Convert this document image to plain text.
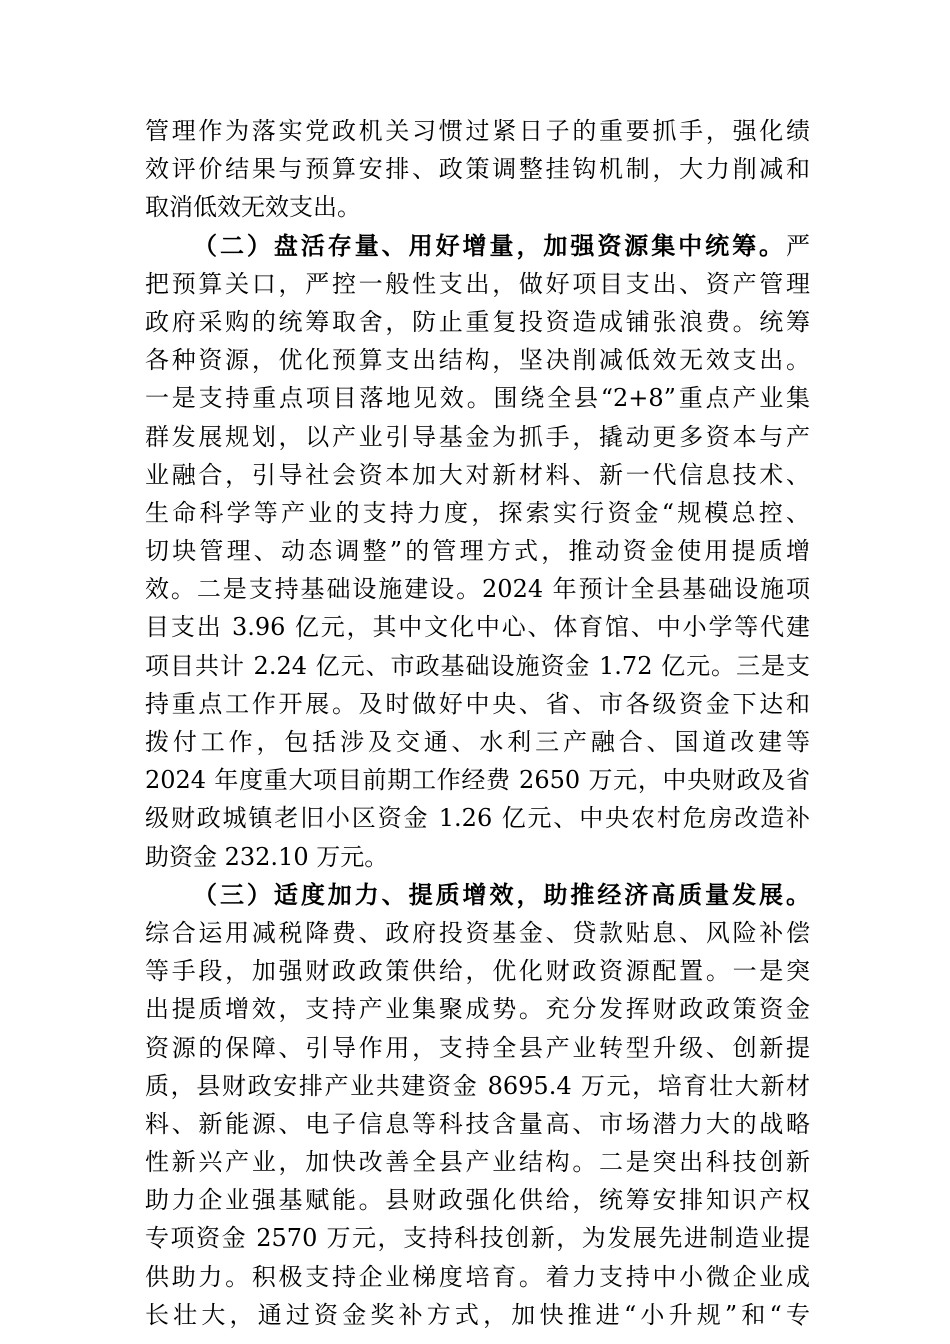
管理作为落实党政机关习惯过紧日子的重要抓手，强化绩
效评价结果与预算安排、政策调整挂钩机制，大力削减和
取消低效无效支出。
（二）盘活存量、用好增量，加强资源集中统筹。严
把预算关口，严控一般性支出，做好项目支出、资产管理
政府采购的统筹取舍，防止重复投资造成铺张浪费。统筹
各种资源，优化预算支出结构，坚决削减低效无效支出。
一是支持重点项目落地见效。围绕全县“2+8”重点产业集
群发展规划，以产业引导基金为抓手，撬动更多资本与产
业融合，引导社会资本加大对新材料、新一代信息技术、
生命科学等产业的支持力度，探索实行资金“规模总控、
切块管理、动态调整”的管理方式，推动资金使用提质增
效。二是支持基础设施建设。2024 年预计全县基础设施项
目支出 3.96 亿元，其中文化中心、体育馆、中小学等代建
项目共计 2.24 亿元、市政基础设施资金 1.72 亿元。三是支
持重点工作开展。及时做好中央、省、市各级资金下达和
拨付工作，包括涉及交通、水利三产融合、国道改建等
2024 年度重大项目前期工作经费 2650 万元，中央财政及省
级财政城镇老旧小区资金 1.26 亿元、中央农村危房改造补
助资金 232.10 万元。
（三）适度加力、提质增效，助推经济高质量发展。
综合运用减税降费、政府投资基金、贷款贴息、风险补偿
等手段，加强财政政策供给，优化财政资源配置。一是突
出提质增效，支持产业集聚成势。充分发挥财政政策资金
资源的保障、引导作用，支持全县产业转型升级、创新提
质，县财政安排产业共建资金 8695.4 万元，培育壮大新材
料、新能源、电子信息等科技含量高、市场潜力大的战略
性新兴产业，加快改善全县产业结构。二是突出科技创新
助力企业强基赋能。县财政强化供给，统筹安排知识产权
专项资金 2570 万元，支持科技创新，为发展先进制造业提
供助力。积极支持企业梯度培育。着力支持中小微企业成
长壮大，通过资金奖补方式，加快推进“小升规”和“专
